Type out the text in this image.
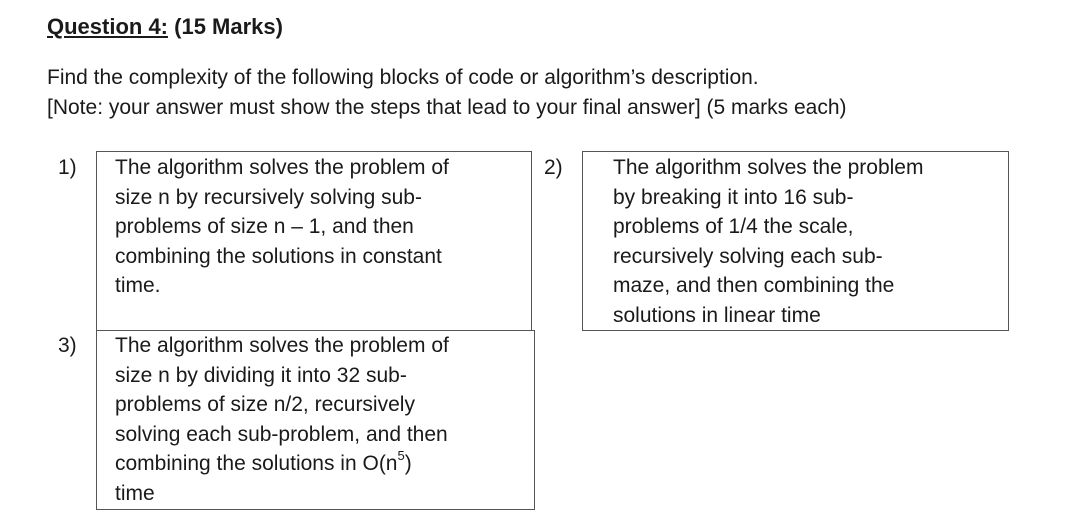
Question 4: (15 Marks)
Find the complexity of the following blocks of code or algorithm’s description.
[Note: your answer must show the steps that lead to your final answer] (5 marks each)
1) The algorithm solves the problem of
size n by recursively solving sub-
problems of size n – 1, and then
combining the solutions in constant
time.
2) The algorithm solves the problem
by breaking it into 16 sub-
problems of 1/4 the scale,
recursively solving each sub-
maze, and then combining the
solutions in linear time
3) The algorithm solves the problem of
size n by dividing it into 32 sub-
problems of size n/2, recursively
solving each sub-problem, and then
combining the solutions in $O(n^5)$
time
